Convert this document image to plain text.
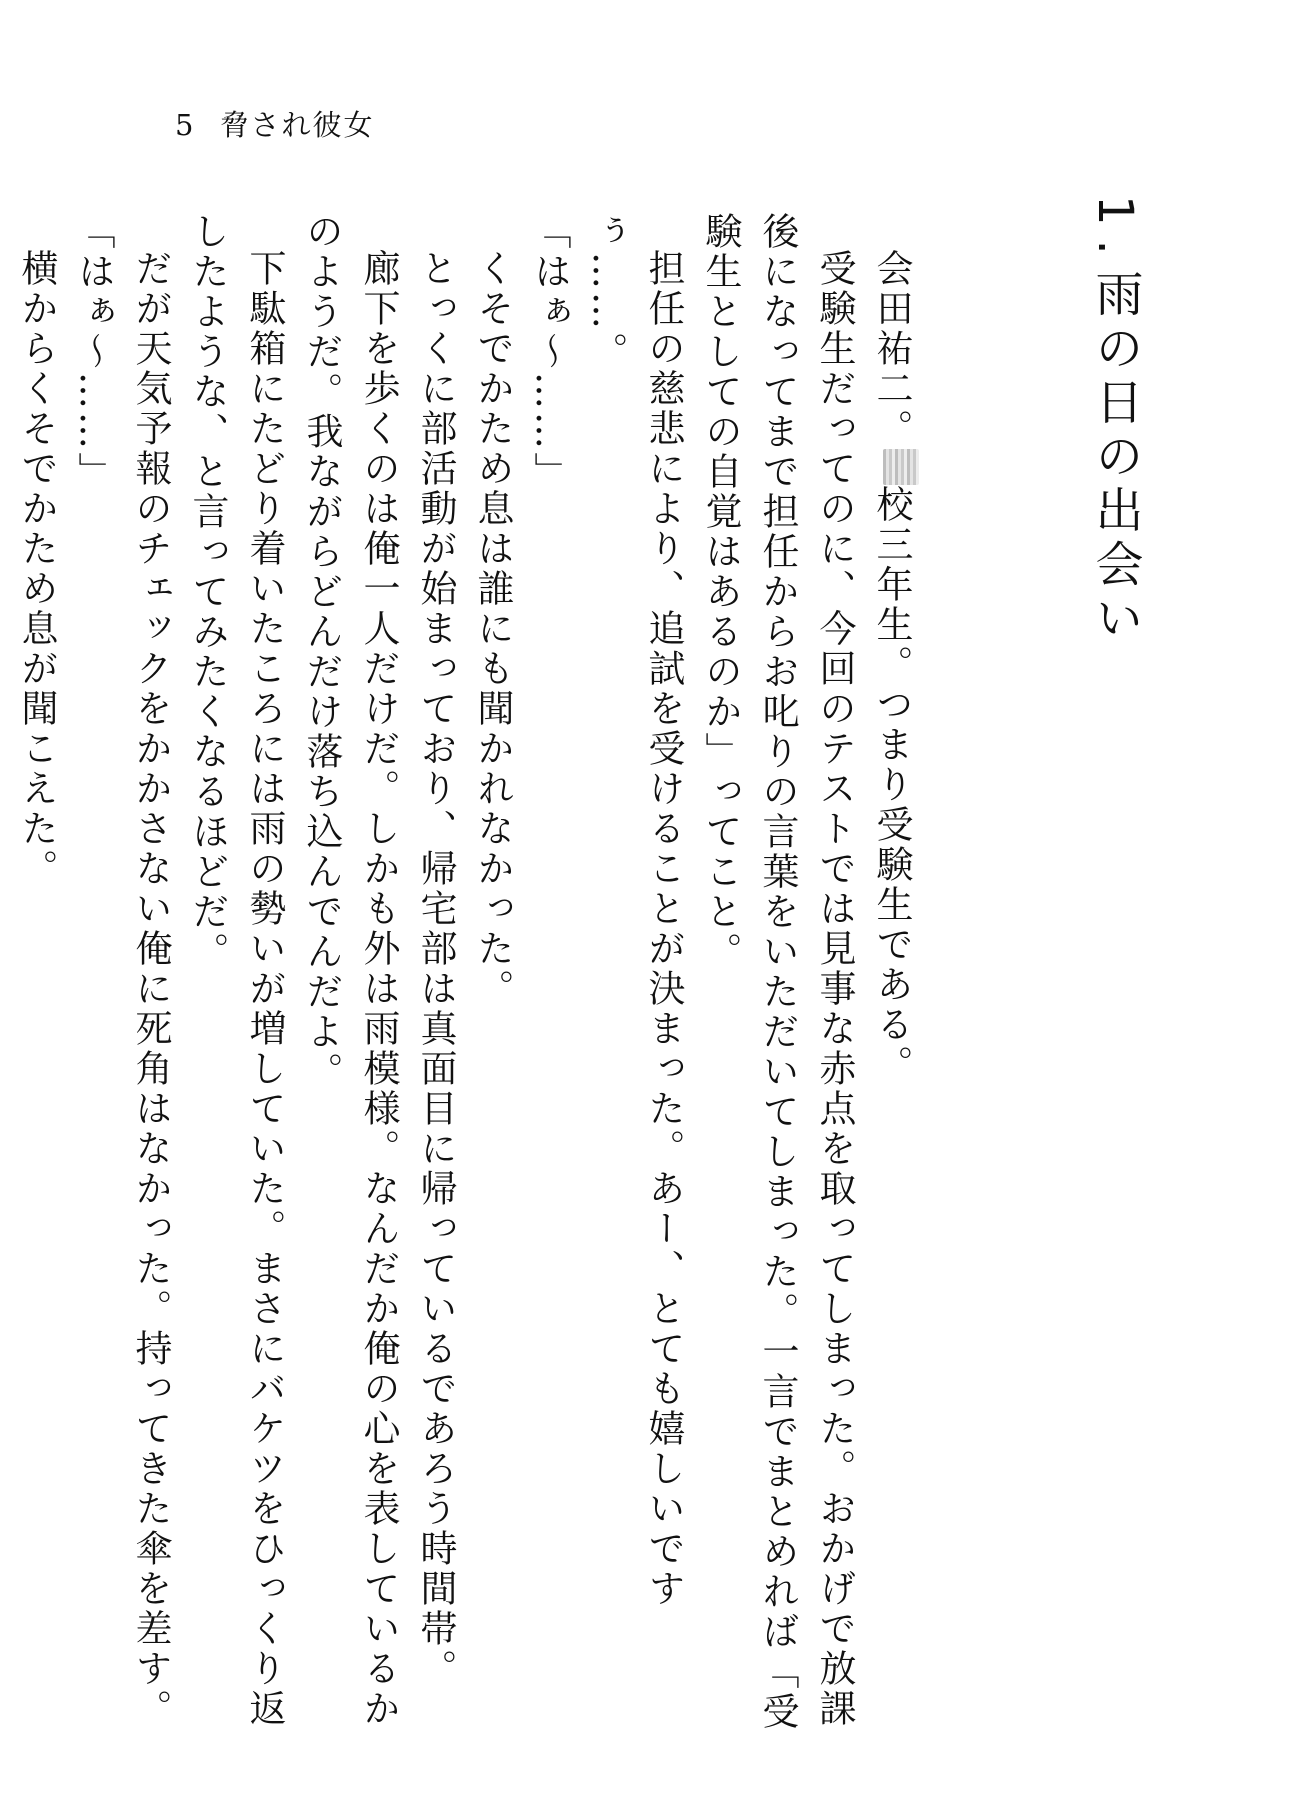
5 脅され彼女
1.雨の日の出会い

会田祐二。校三年生。つまり受験生である。

受験生だってのに、今回のテストでは見事な赤点を取ってしまった。おかげで放課後になってまで担任からお叱りの言葉をいただいてしまった。一言でまとめれば「受験生としての自覚はあるのか」ってこと。

担任の慈悲により、追試を受けることが決まった。あー、とても嬉しいですぅ……。

「はぁ～……」

くそでかため息は誰にも聞かれなかった。

とっくに部活動が始まっており、帰宅部は真面目に帰っているであろう時間帯。

廊下を歩くのは俺一人だけだ。しかも外は雨模様。なんだか俺の心を表しているかのようだ。我ながらどんだけ落ち込んでんだよ。

下駄箱にたどり着いたころには雨の勢いが増していた。まさにバケツをひっくり返したような、と言ってみたくなるほどだ。

だが天気予報のチェックをかかさない俺に死角はなかった。持ってきた傘を差す。

「はぁ～……」

横からくそでかため息が聞こえた。
